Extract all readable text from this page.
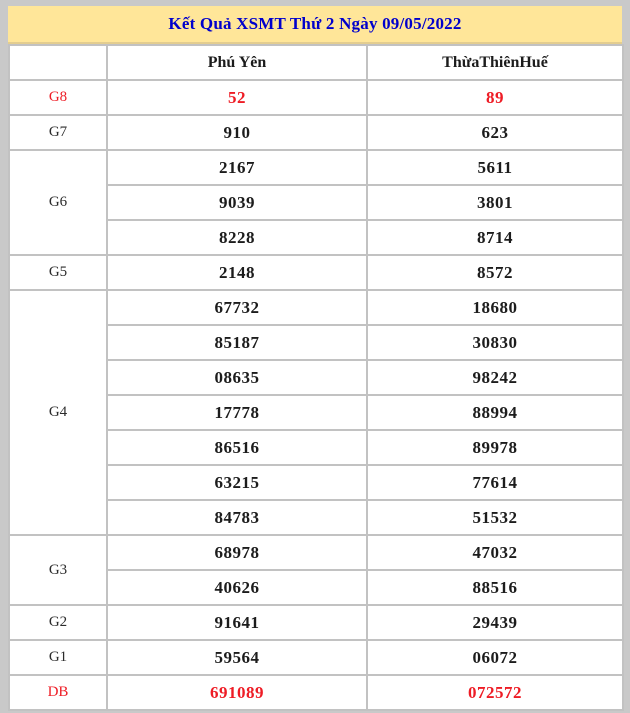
Kết Quả XSMT Thứ 2 Ngày 09/05/2022
	Phú Yên	ThừaThiênHuế
G8	52	89
G7	910	623
G6	2167	5611
	9039	3801
	8228	8714
G5	2148	8572
G4	67732	18680
	85187	30830
	08635	98242
	17778	88994
	86516	89978
	63215	77614
	84783	51532
G3	68978	47032
	40626	88516
G2	91641	29439
G1	59564	06072
DB	691089	072572
